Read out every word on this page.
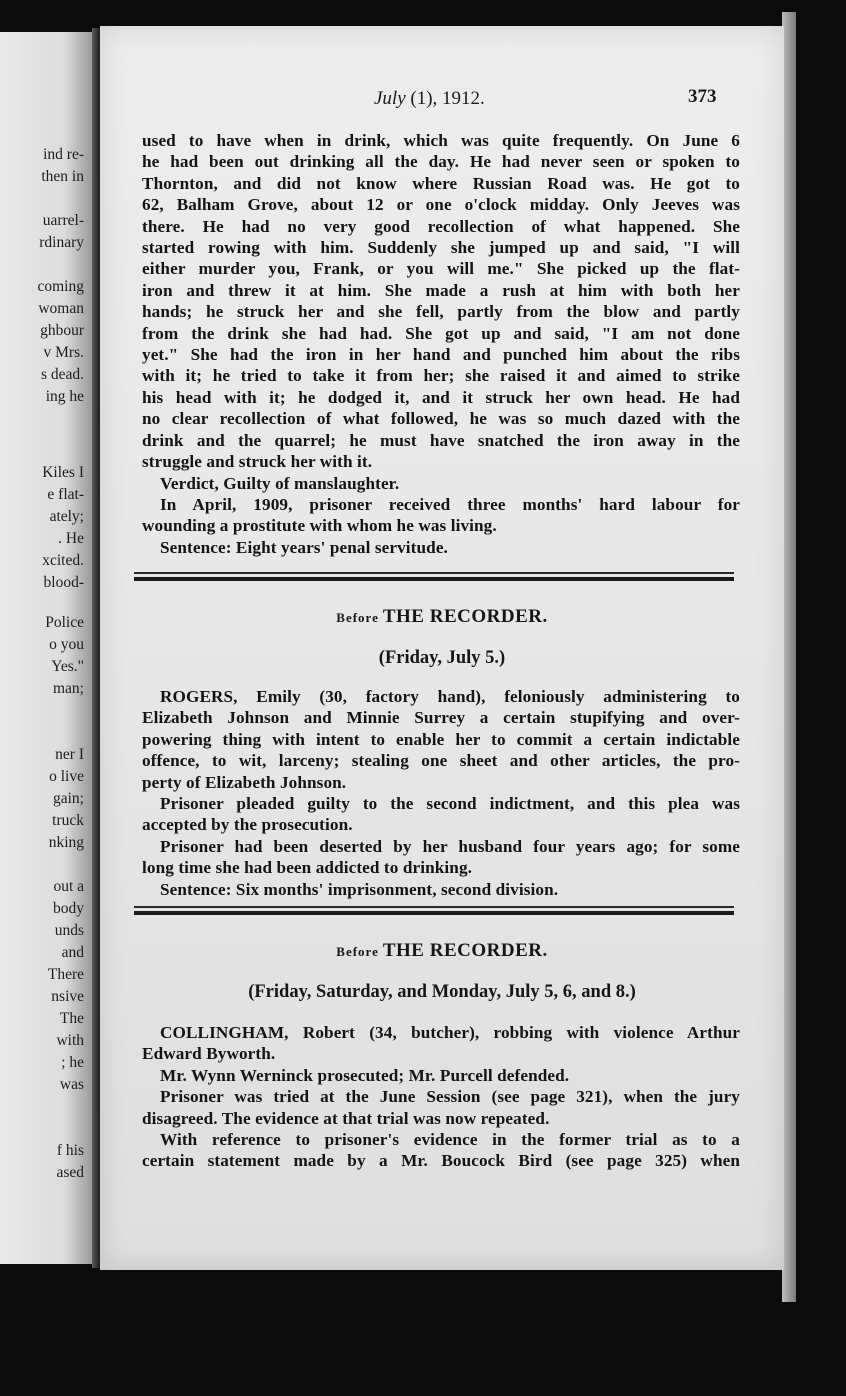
ind re-
then in
uarrel-
rdinary
coming
woman
ghbour
v Mrs.
s dead.
ing he
Kiles I
e flat-
ately;
. He
xcited.
blood-
Police
o you
Yes."
man;
ner I
o live
gain;
truck
nking
out a
body
unds
and
There
nsive
The
with
; he
was
f his
ased
July (1), 1912.	373
used to have when in drink, which was quite frequently. On June 6
he had been out drinking all the day. He had never seen or spoken to
Thornton, and did not know where Russian Road was. He got to
62, Balham Grove, about 12 or one o'clock midday. Only Jeeves was
there. He had no very good recollection of what happened. She
started rowing with him. Suddenly she jumped up and said, "I will
either murder you, Frank, or you will me." She picked up the flat-
iron and threw it at him. She made a rush at him with both her
hands; he struck her and she fell, partly from the blow and partly
from the drink she had had. She got up and said, "I am not done
yet." She had the iron in her hand and punched him about the ribs
with it; he tried to take it from her; she raised it and aimed to strike
his head with it; he dodged it, and it struck her own head. He had
no clear recollection of what followed, he was so much dazed with the
drink and the quarrel; he must have snatched the iron away in the
struggle and struck her with it.
Verdict, Guilty of manslaughter.
In April, 1909, prisoner received three months' hard labour for
wounding a prostitute with whom he was living.
Sentence: Eight years' penal servitude.
Before THE RECORDER.
(Friday, July 5.)
ROGERS, Emily (30, factory hand), feloniously administering to
Elizabeth Johnson and Minnie Surrey a certain stupifying and over-
powering thing with intent to enable her to commit a certain indictable
offence, to wit, larceny; stealing one sheet and other articles, the pro-
perty of Elizabeth Johnson.
Prisoner pleaded guilty to the second indictment, and this plea was
accepted by the prosecution.
Prisoner had been deserted by her husband four years ago; for some
long time she had been addicted to drinking.
Sentence: Six months' imprisonment, second division.
Before THE RECORDER.
(Friday, Saturday, and Monday, July 5, 6, and 8.)
COLLINGHAM, Robert (34, butcher), robbing with violence Arthur
Edward Byworth.
Mr. Wynn Werninck prosecuted; Mr. Purcell defended.
Prisoner was tried at the June Session (see page 321), when the jury
disagreed. The evidence at that trial was now repeated.
With reference to prisoner's evidence in the former trial as to a
certain statement made by a Mr. Boucock Bird (see page 325) when
